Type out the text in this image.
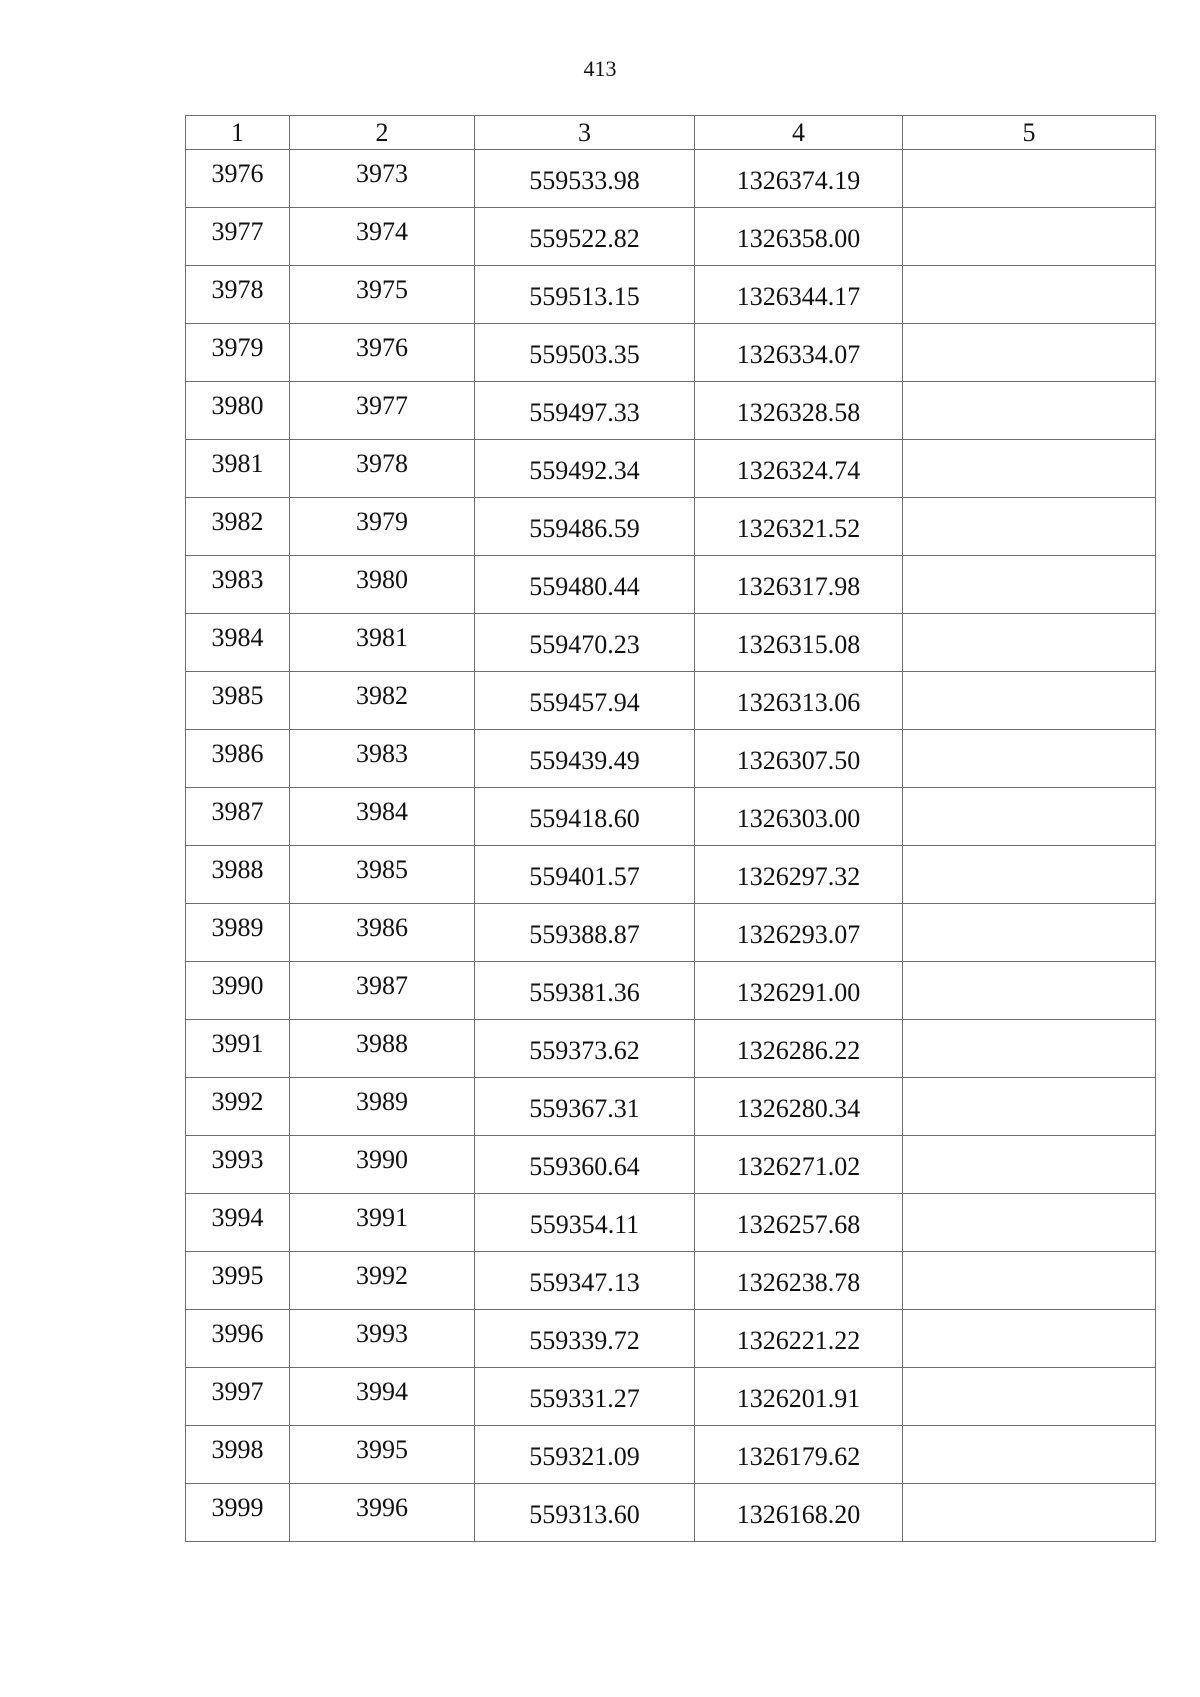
413
1	2	3	4	5
3976	3973	559533.98	1326374.19	
3977	3974	559522.82	1326358.00	
3978	3975	559513.15	1326344.17	
3979	3976	559503.35	1326334.07	
3980	3977	559497.33	1326328.58	
3981	3978	559492.34	1326324.74	
3982	3979	559486.59	1326321.52	
3983	3980	559480.44	1326317.98	
3984	3981	559470.23	1326315.08	
3985	3982	559457.94	1326313.06	
3986	3983	559439.49	1326307.50	
3987	3984	559418.60	1326303.00	
3988	3985	559401.57	1326297.32	
3989	3986	559388.87	1326293.07	
3990	3987	559381.36	1326291.00	
3991	3988	559373.62	1326286.22	
3992	3989	559367.31	1326280.34	
3993	3990	559360.64	1326271.02	
3994	3991	559354.11	1326257.68	
3995	3992	559347.13	1326238.78	
3996	3993	559339.72	1326221.22	
3997	3994	559331.27	1326201.91	
3998	3995	559321.09	1326179.62	
3999	3996	559313.60	1326168.20	
